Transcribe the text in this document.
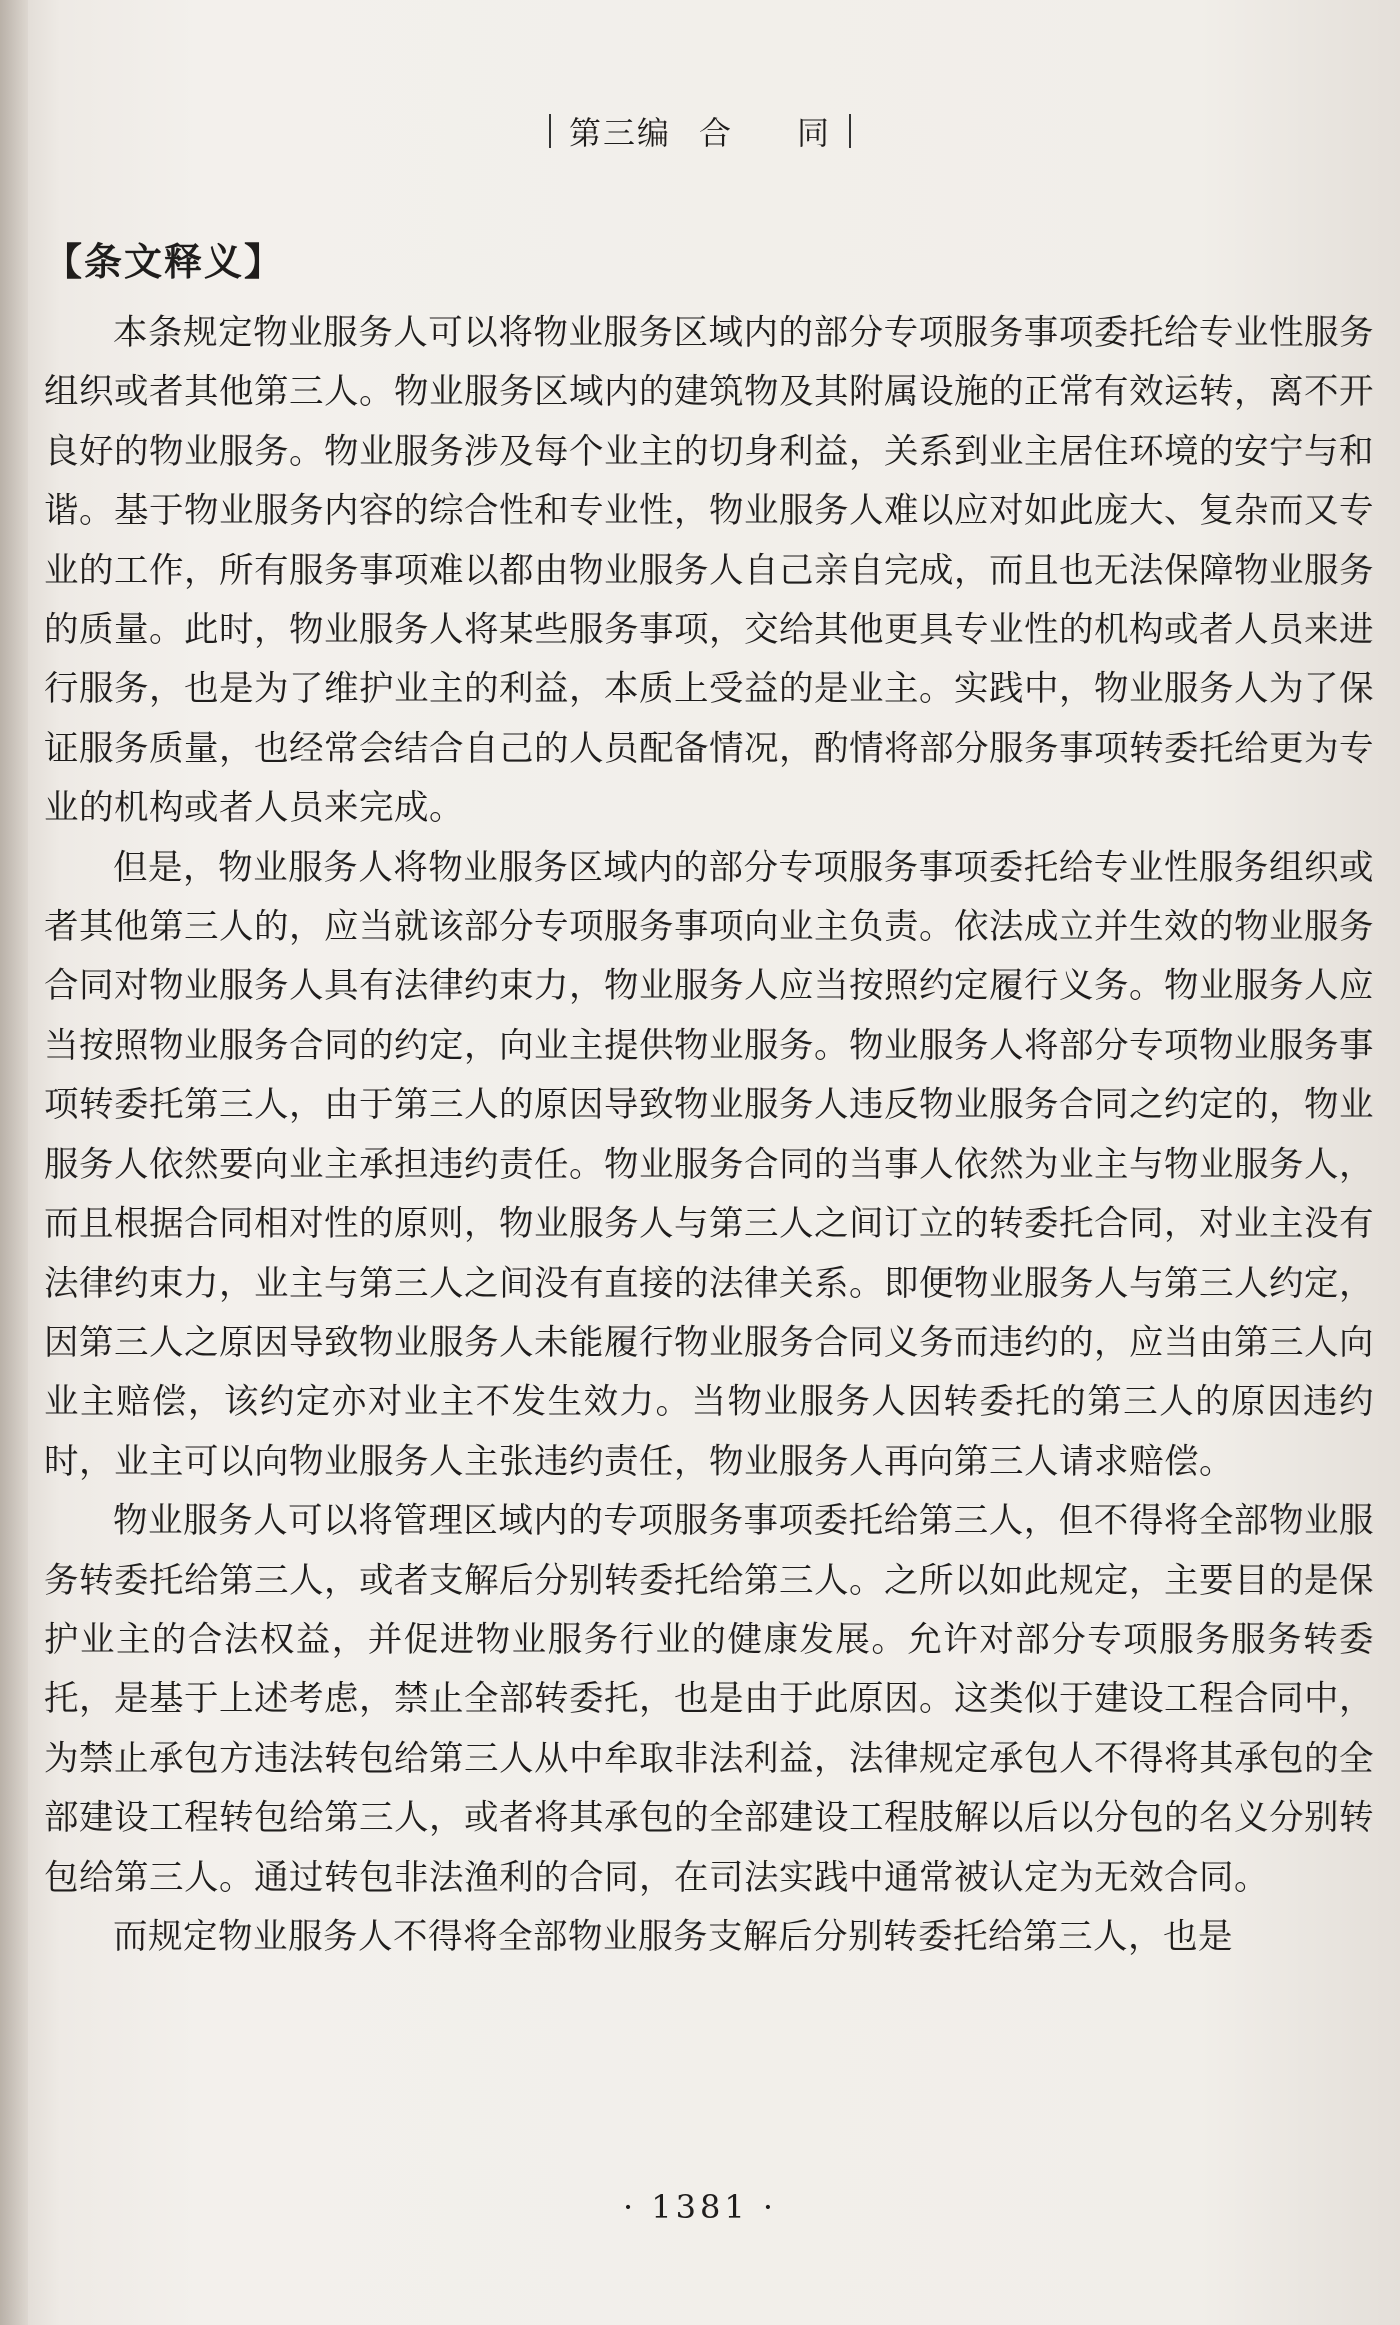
第三编 合 同
【条文释义】

本条规定物业服务人可以将物业服务区域内的部分专项服务事项委托给专业性服务组织或者其他第三人。物业服务区域内的建筑物及其附属设施的正常有效运转，离不开良好的物业服务。物业服务涉及每个业主的切身利益，关系到业主居住环境的安宁与和谐。基于物业服务内容的综合性和专业性，物业服务人难以应对如此庞大、复杂而又专业的工作，所有服务事项难以都由物业服务人自己亲自完成，而且也无法保障物业服务的质量。此时，物业服务人将某些服务事项，交给其他更具专业性的机构或者人员来进行服务，也是为了维护业主的利益，本质上受益的是业主。实践中，物业服务人为了保证服务质量，也经常会结合自己的人员配备情况，酌情将部分服务事项转委托给更为专业的机构或者人员来完成。

但是，物业服务人将物业服务区域内的部分专项服务事项委托给专业性服务组织或者其他第三人的，应当就该部分专项服务事项向业主负责。依法成立并生效的物业服务合同对物业服务人具有法律约束力，物业服务人应当按照约定履行义务。物业服务人应当按照物业服务合同的约定，向业主提供物业服务。物业服务人将部分专项物业服务事项转委托第三人，由于第三人的原因导致物业服务人违反物业服务合同之约定的，物业服务人依然要向业主承担违约责任。物业服务合同的当事人依然为业主与物业服务人，而且根据合同相对性的原则，物业服务人与第三人之间订立的转委托合同，对业主没有法律约束力，业主与第三人之间没有直接的法律关系。即便物业服务人与第三人约定，因第三人之原因导致物业服务人未能履行物业服务合同义务而违约的，应当由第三人向业主赔偿，该约定亦对业主不发生效力。当物业服务人因转委托的第三人的原因违约时，业主可以向物业服务人主张违约责任，物业服务人再向第三人请求赔偿。

物业服务人可以将管理区域内的专项服务事项委托给第三人，但不得将全部物业服务转委托给第三人，或者支解后分别转委托给第三人。之所以如此规定，主要目的是保护业主的合法权益，并促进物业服务行业的健康发展。允许对部分专项服务服务转委托，是基于上述考虑，禁止全部转委托，也是由于此原因。这类似于建设工程合同中，为禁止承包方违法转包给第三人从中牟取非法利益，法律规定承包人不得将其承包的全部建设工程转包给第三人，或者将其承包的全部建设工程肢解以后以分包的名义分别转包给第三人。通过转包非法渔利的合同，在司法实践中通常被认定为无效合同。

而规定物业服务人不得将全部物业服务支解后分别转委托给第三人，也是

· 1381 ·
